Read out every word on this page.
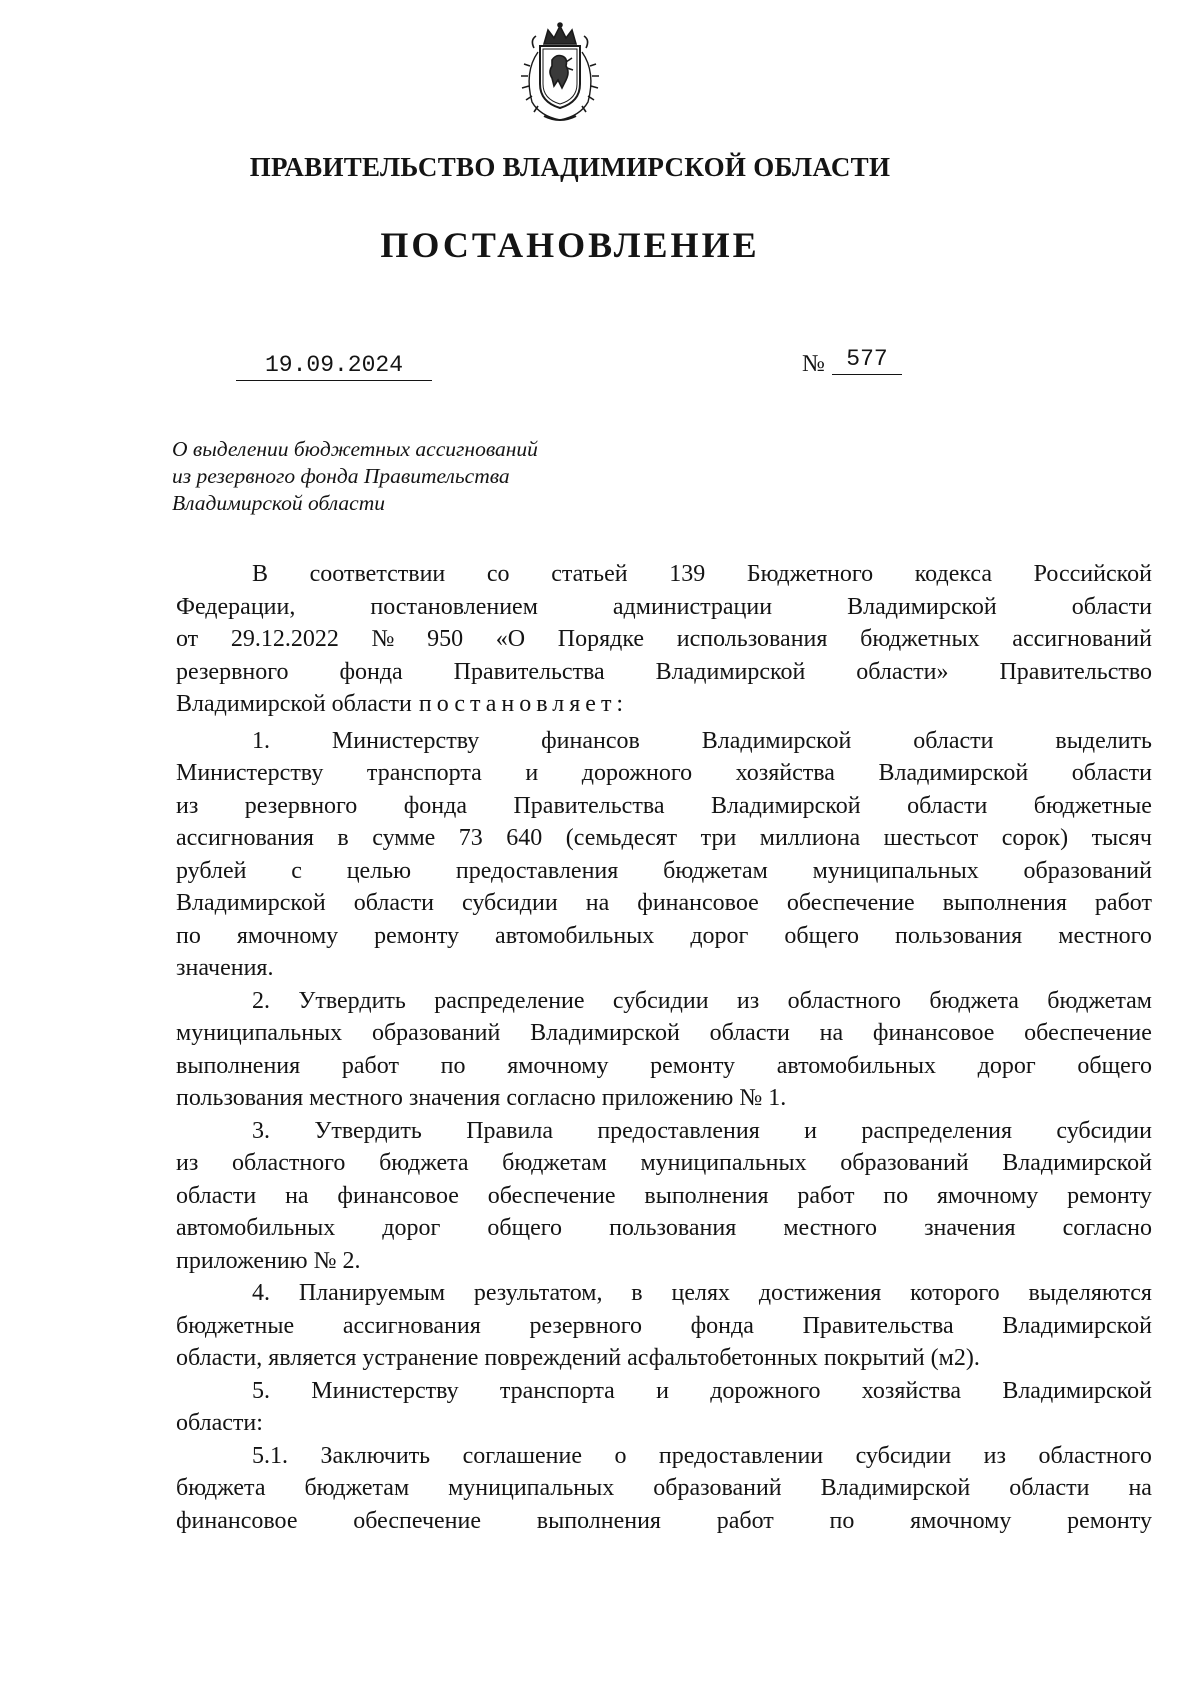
ПРАВИТЕЛЬСТВО ВЛАДИМИРСКОЙ ОБЛАСТИ
ПОСТАНОВЛЕНИЕ
19.09.2024	№ 577
О выделении бюджетных ассигнований
из резервного фонда Правительства
Владимирской области
В соответствии со статьей 139 Бюджетного кодекса Российской
Федерации,	постановлением	администрации	Владимирской	области
от 29.12.2022 № 950 «О Порядке использования бюджетных ассигнований
резервного фонда Правительства Владимирской области» Правительство
Владимирской области постановляет:
1.	Министерству	финансов	Владимирской	области	выделить
Министерству транспорта и дорожного хозяйства Владимирской области
из резервного фонда Правительства Владимирской области бюджетные
ассигнования в сумме 73 640 (семьдесят три миллиона шестьсот сорок) тысяч
рублей с целью предоставления бюджетам муниципальных образований
Владимирской области субсидии на финансовое обеспечение выполнения работ
по ямочному ремонту автомобильных дорог общего пользования местного
значения.
2. Утвердить распределение субсидии из областного бюджета бюджетам
муниципальных образований Владимирской области на финансовое обеспечение
выполнения работ по ямочному ремонту автомобильных дорог общего
пользования местного значения согласно приложению № 1.
3. Утвердить Правила предоставления и распределения субсидии
из областного бюджета бюджетам муниципальных образований Владимирской
области на финансовое обеспечение выполнения работ по ямочному ремонту
автомобильных дорог общего пользования местного значения согласно
приложению № 2.
4. Планируемым результатом, в целях достижения которого выделяются
бюджетные ассигнования резервного фонда Правительства Владимирской
области, является устранение повреждений асфальтобетонных покрытий (м2).
5. Министерству транспорта и дорожного хозяйства Владимирской
области:
5.1. Заключить соглашение о предоставлении субсидии из областного
бюджета бюджетам муниципальных образований Владимирской области на
финансовое обеспечение выполнения работ по ямочному ремонту
